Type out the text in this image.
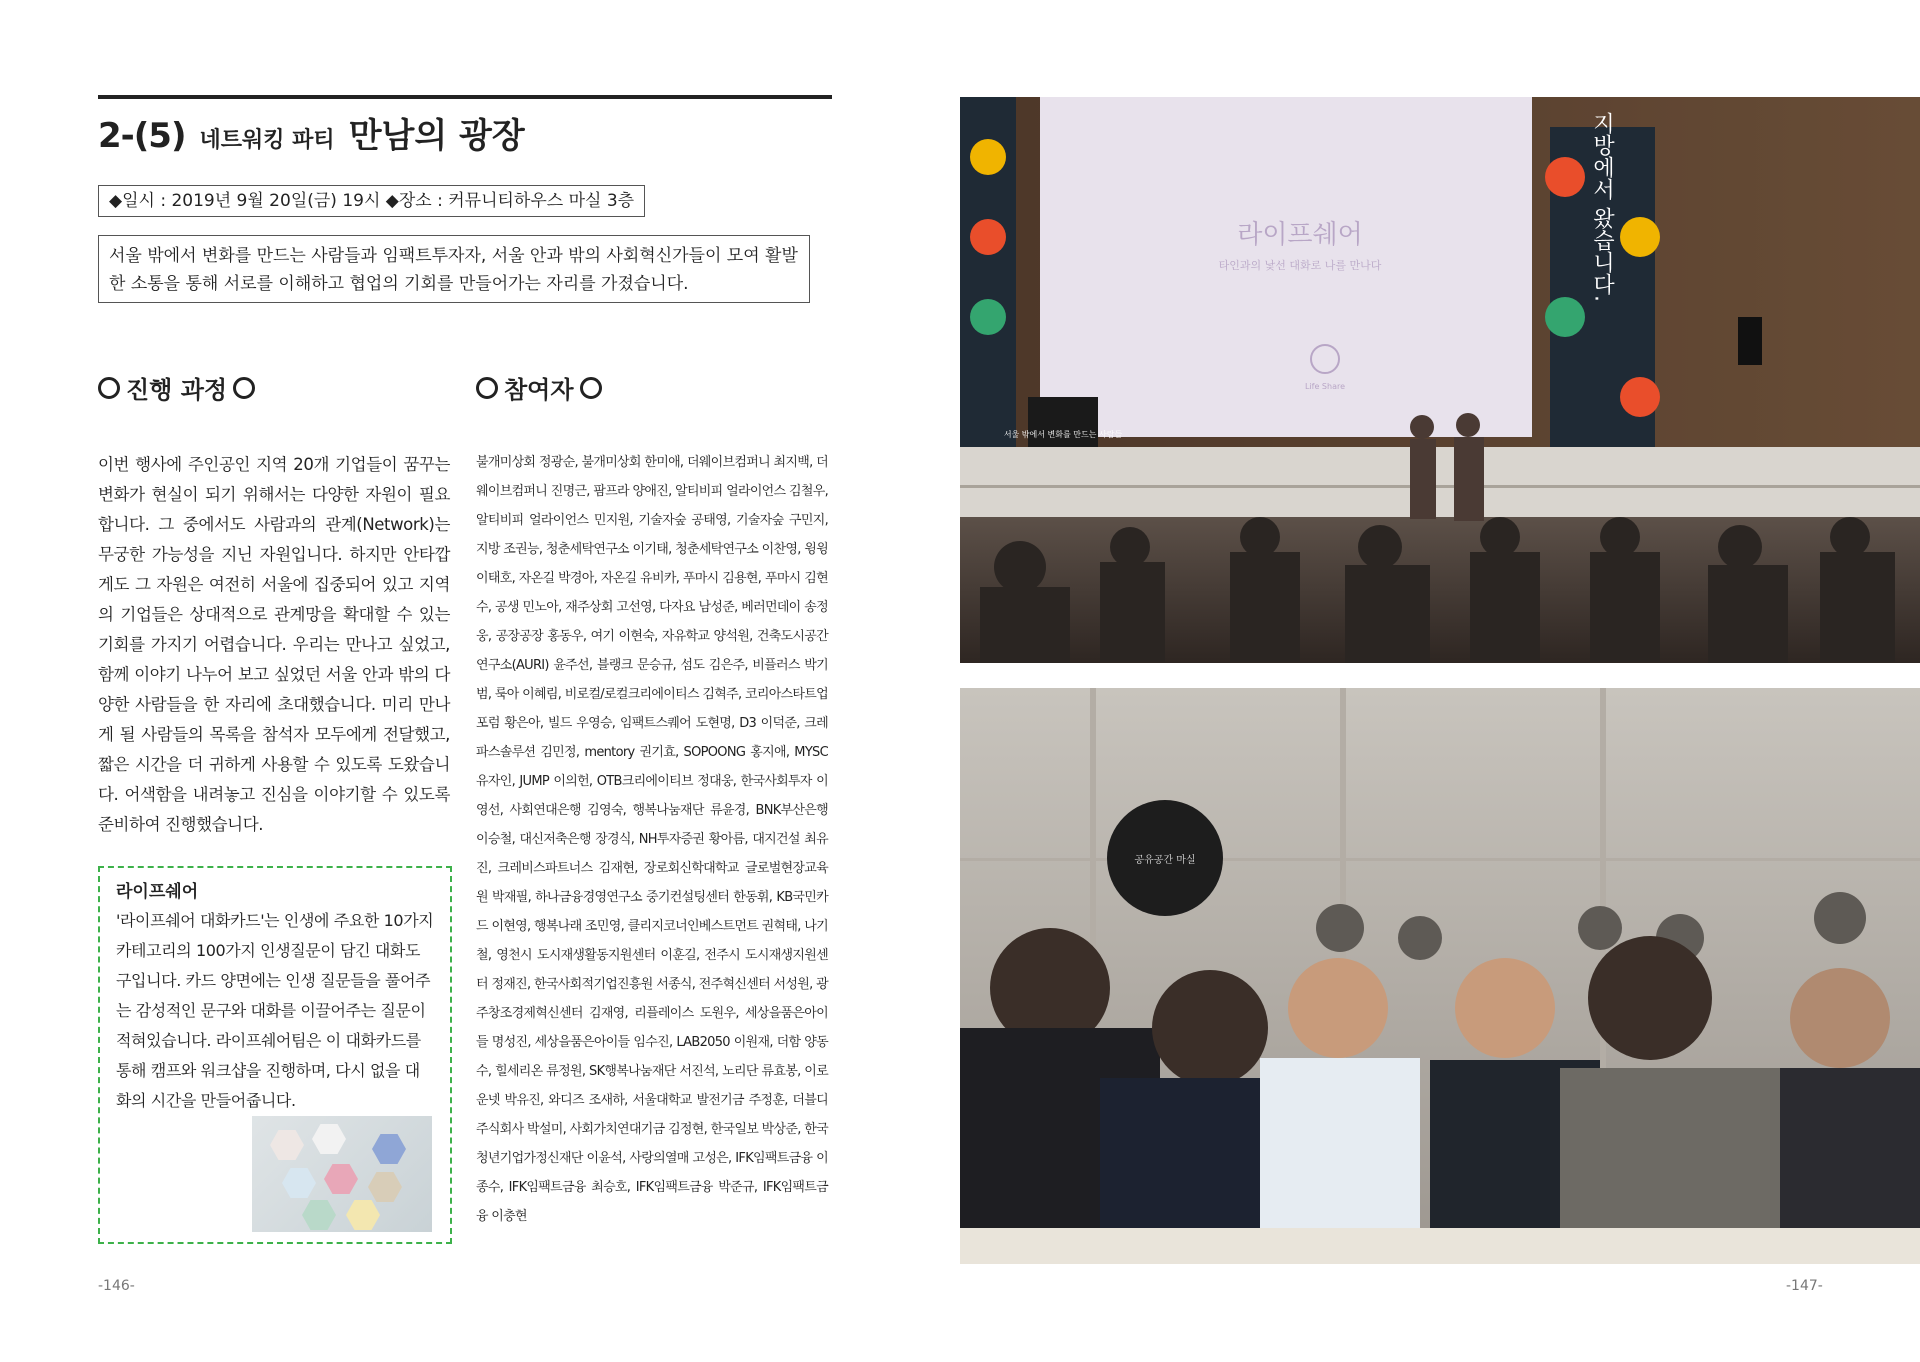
2-(5) 네트워킹 파티 만남의 광장
◆일시 : 2019년 9월 20일(금) 19시 ◆장소 : 커뮤니티하우스 마실 3층
서울 밖에서 변화를 만드는 사람들과 임팩트투자자, 서울 안과 밖의 사회혁신가들이 모여 활발한 소통을 통해 서로를 이해하고 협업의 기회를 만들어가는 자리를 가졌습니다.
진행 과정	참여자
이번 행사에 주인공인 지역 20개 기업들이 꿈꾸는 변화가 현실이 되기 위해서는 다양한 자원이 필요합니다. 그 중에서도 사람과의 관계(Network)는 무궁한 가능성을 지닌 자원입니다. 하지만 안타깝게도 그 자원은 여전히 서울에 집중되어 있고 지역의 기업들은 상대적으로 관계망을 확대할 수 있는 기회를 가지기 어렵습니다. 우리는 만나고 싶었고, 함께 이야기 나누어 보고 싶었던 서울 안과 밖의 다양한 사람들을 한 자리에 초대했습니다. 미리 만나게 될 사람들의 목록을 참석자 모두에게 전달했고, 짧은 시간을 더 귀하게 사용할 수 있도록 도왔습니다. 어색함을 내려놓고 진심을 이야기할 수 있도록 준비하여 진행했습니다.
라이프쉐어
'라이프쉐어 대화카드'는 인생에 주요한 10가지 카테고리의 100가지 인생질문이 담긴 대화도구입니다. 카드 양면에는 인생 질문들을 풀어주는 감성적인 문구와 대화를 이끌어주는 질문이 적혀있습니다. 라이프쉐어팀은 이 대화카드를 통해 캠프와 워크샵을 진행하며, 다시 없을 대화의 시간을 만들어줍니다.
불개미상회 정광순, 불개미상회 한미애, 더웨이브컴퍼니 최지백, 더웨이브컴퍼니 진명근, 팜프라 양애진, 알티비피 얼라이언스 김철우, 알티비피 얼라이언스 민지원, 기술자숲 공태영, 기술자숲 구민지, 지방 조권능, 청춘세탁연구소 이기태, 청춘세탁연구소 이찬영, 윙윙 이태호, 자온길 박경아, 자온길 유비카, 푸마시 김용현, 푸마시 김현수, 공생 민노아, 재주상회 고선영, 다자요 남성준, 베러먼데이 송정웅, 공장공장 홍동우, 여기 이현숙, 자유학교 양석원, 건축도시공간연구소(AURI) 윤주선, 블랭크 문승규, 섬도 김은주, 비플러스 박기범, 룩아 이혜림, 비로컬/로컬크리에이티스 김혁주, 코리아스타트업포럼 황은아, 빌드 우영승, 임팩트스퀘어 도현명, D3 이덕준, 크레파스솔루션 김민정, mentory 권기효, SOPOONG 홍지애, MYSC 유자인, JUMP 이의헌, OTB크리에이티브 정대웅, 한국사회투자 이영선, 사회연대은행 김영숙, 행복나눔재단 류윤경, BNK부산은행 이승철, 대신저축은행 장경식, NH투자증권 황아름, 대지건설 최유진, 크레비스파트너스 김재현, 장로회신학대학교 글로벌현장교육원 박재필, 하나금융경영연구소 중기컨설팅센터 한동휘, KB국민카드 이현영, 행복나래 조민영, 클리지코너인베스트먼트 권혁태, 나기철, 영천시 도시재생활동지원센터 이훈길, 전주시 도시재생지원센터 정재진, 한국사회적기업진흥원 서종식, 전주혁신센터 서성원, 광주창조경제혁신센터 김재영, 리플레이스 도원우, 세상을품은아이들 명성진, 세상을품은아이들 임수진, LAB2050 이원재, 더함 양동수, 힐세리온 류정원, SK행복나눔재단 서진석, 노리단 류효봉, 이로운넷 박유진, 와디즈 조새하, 서울대학교 발전기금 주정훈, 더블디 주식회사 박설미, 사회가치연대기금 김정현, 한국일보 박상준, 한국청년기업가정신재단 이윤석, 사랑의열매 고성은, IFK임팩트금융 이종수, IFK임팩트금융 최승호, IFK임팩트금융 박준규, IFK임팩트금융 이충현
-146-	-147-
라이프쉐어
타인과의 낯선 대화로 나를 만나다
Life Share
지방에서 왔습니다.
서울 밖에서 변화를 만드는 사람들
공유공간 마실
